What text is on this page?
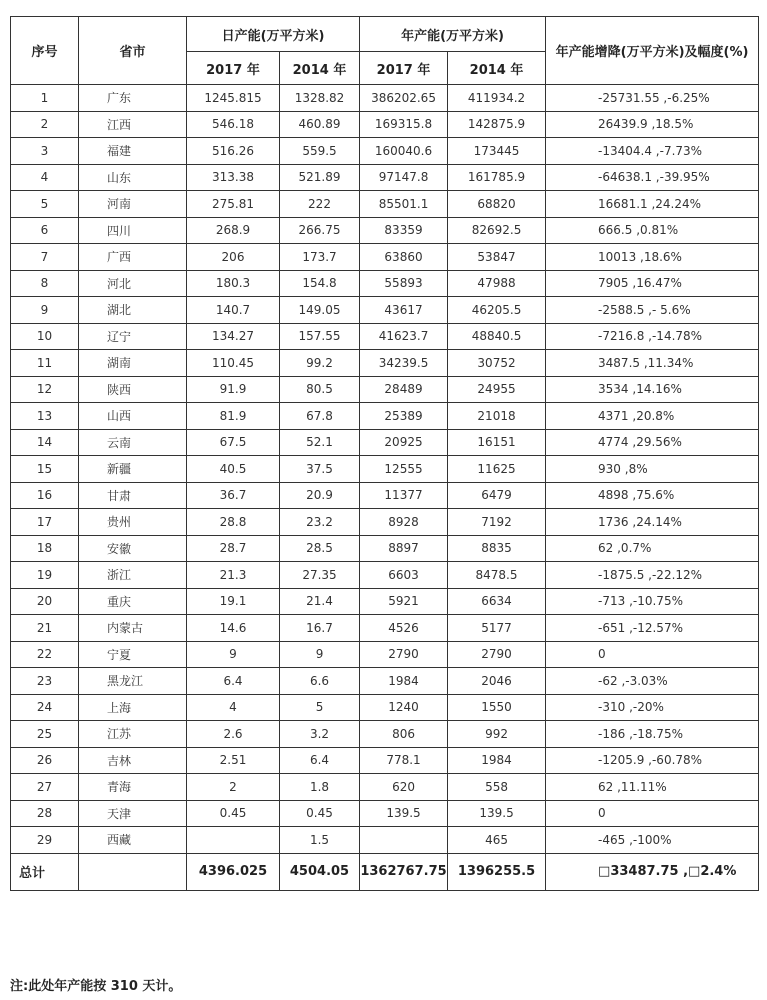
序号	省市	日产能(万平方米)		年产能(万平方米)		年产能增降(万平方米)及幅度(%)
		2017 年	2014 年	2017 年	2014 年	
1	广东	1245.815	1328.82	386202.65	411934.2	-25731.55 ,-6.25%
2	江西	546.18	460.89	169315.8	142875.9	26439.9 ,18.5%
3	福建	516.26	559.5	160040.6	173445	-13404.4 ,-7.73%
4	山东	313.38	521.89	97147.8	161785.9	-64638.1 ,-39.95%
5	河南	275.81	222	85501.1	68820	16681.1 ,24.24%
6	四川	268.9	266.75	83359	82692.5	666.5 ,0.81%
7	广西	206	173.7	63860	53847	10013 ,18.6%
8	河北	180.3	154.8	55893	47988	7905 ,16.47%
9	湖北	140.7	149.05	43617	46205.5	-2588.5 ,- 5.6%
10	辽宁	134.27	157.55	41623.7	48840.5	-7216.8 ,-14.78%
11	湖南	110.45	99.2	34239.5	30752	3487.5 ,11.34%
12	陕西	91.9	80.5	28489	24955	3534 ,14.16%
13	山西	81.9	67.8	25389	21018	4371 ,20.8%
14	云南	67.5	52.1	20925	16151	4774 ,29.56%
15	新疆	40.5	37.5	12555	11625	930 ,8%
16	甘肃	36.7	20.9	11377	6479	4898 ,75.6%
17	贵州	28.8	23.2	8928	7192	1736 ,24.14%
18	安徽	28.7	28.5	8897	8835	62 ,0.7%
19	浙江	21.3	27.35	6603	8478.5	-1875.5 ,-22.12%
20	重庆	19.1	21.4	5921	6634	-713 ,-10.75%
21	内蒙古	14.6	16.7	4526	5177	-651 ,-12.57%
22	宁夏	9	9	2790	2790	0
23	黑龙江	6.4	6.6	1984	2046	-62 ,-3.03%
24	上海	4	5	1240	1550	-310 ,-20%
25	江苏	2.6	3.2	806	992	-186 ,-18.75%
26	吉林	2.51	6.4	778.1	1984	-1205.9 ,-60.78%
27	青海	2	1.8	620	558	62 ,11.11%
28	天津	0.45	0.45	139.5	139.5	0
29	西藏		1.5		465	-465 ,-100%
总计		4396.025	4504.05	1362767.75	1396255.5	□33487.75 ,□2.4%
注:此处年产能按 310 天计。
